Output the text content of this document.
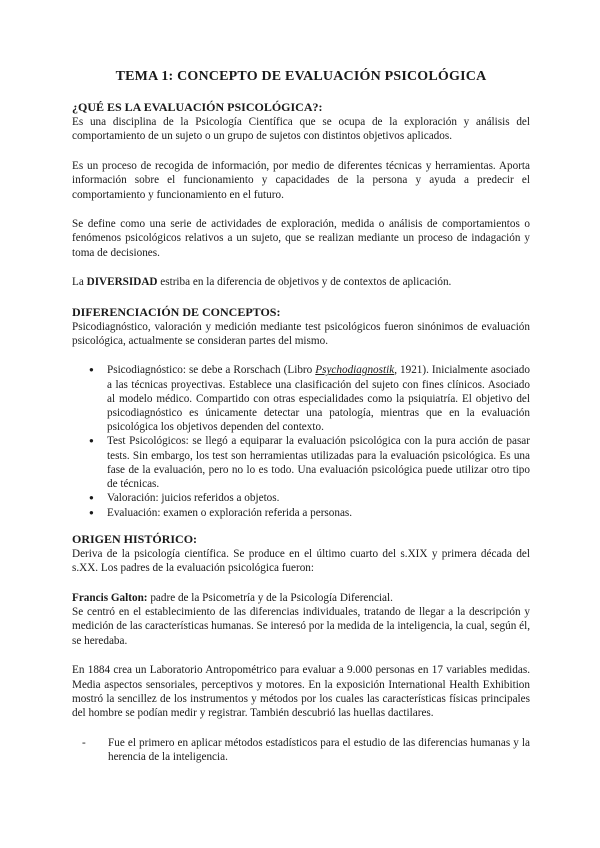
TEMA 1: CONCEPTO DE EVALUACIÓN PSICOLÓGICA
¿QUÉ ES LA EVALUACIÓN PSICOLÓGICA?:

Es una disciplina de la Psicología Científica que se ocupa de la exploración y análisis del comportamiento de un sujeto o un grupo de sujetos con distintos objetivos aplicados.

Es un proceso de recogida de información, por medio de diferentes técnicas y herramientas. Aporta información sobre el funcionamiento y capacidades de la persona y ayuda a predecir el comportamiento y funcionamiento en el futuro.

Se define como una serie de actividades de exploración, medida o análisis de comportamientos o fenómenos psicológicos relativos a un sujeto, que se realizan mediante un proceso de indagación y toma de decisiones.

La DIVERSIDAD estriba en la diferencia de objetivos y de contextos de aplicación.

DIFERENCIACIÓN DE CONCEPTOS:

Psicodiagnóstico, valoración y medición mediante test psicológicos fueron sinónimos de evaluación psicológica, actualmente se consideran partes del mismo.

● Psicodiagnóstico: se debe a Rorschach (Libro Psychodiagnostik, 1921). Inicialmente asociado a las técnicas proyectivas. Establece una clasificación del sujeto con fines clínicos. Asociado al modelo médico. Compartido con otras especialidades como la psiquiatría. El objetivo del psicodiagnóstico es únicamente detectar una patología, mientras que en la evaluación psicológica los objetivos dependen del contexto.
● Test Psicológicos: se llegó a equiparar la evaluación psicológica con la pura acción de pasar tests. Sin embargo, los test son herramientas utilizadas para la evaluación psicológica. Es una fase de la evaluación, pero no lo es todo. Una evaluación psicológica puede utilizar otro tipo de técnicas.
● Valoración: juicios referidos a objetos.
● Evaluación: examen o exploración referida a personas.
ORIGEN HISTÓRICO:

Deriva de la psicología científica. Se produce en el último cuarto del s.XIX y primera década del s.XX. Los padres de la evaluación psicológica fueron:

Francis Galton: padre de la Psicometría y de la Psicología Diferencial.
Se centró en el establecimiento de las diferencias individuales, tratando de llegar a la descripción y medición de las características humanas. Se interesó por la medida de la inteligencia, la cual, según él, se heredaba.

En 1884 crea un Laboratorio Antropométrico para evaluar a 9.000 personas en 17 variables medidas. Media aspectos sensoriales, perceptivos y motores. En la exposición International Health Exhibition mostró la sencillez de los instrumentos y métodos por los cuales las características físicas principales del hombre se podían medir y registrar. También descubrió las huellas dactilares.

- Fue el primero en aplicar métodos estadísticos para el estudio de las diferencias humanas y la herencia de la inteligencia.
